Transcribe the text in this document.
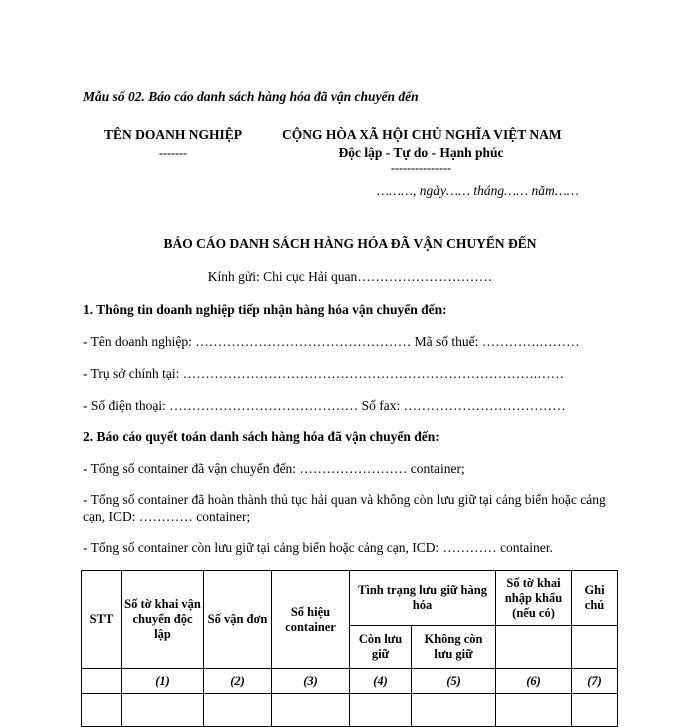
Mẫu số 02. Báo cáo danh sách hàng hóa đã vận chuyển đến
TÊN DOANH NGHIỆP
-------
CỘNG HÒA XÃ HỘI CHỦ NGHĨA VIỆT NAM
Độc lập - Tự do - Hạnh phúc
---------------
………, ngày…… tháng…… năm……
BÁO CÁO DANH SÁCH HÀNG HÓA ĐÃ VẬN CHUYỂN ĐẾN
Kính gửi: Chi cục Hải quan…………………………
1. Thông tin doanh nghiệp tiếp nhận hàng hóa vận chuyển đến:
- Tên doanh nghiệp: ………………………………………… Mã số thuế: ………….………
- Trụ sở chính tại: …………………………………………………………………….……
- Số điện thoại: …………………………………… Số fax: ………………………………
2. Báo cáo quyết toán danh sách hàng hóa đã vận chuyển đến:
- Tổng số container đã vận chuyển đến: …………………… container;
- Tổng số container đã hoàn thành thủ tục hải quan và không còn lưu giữ tại cảng biển hoặc cảng cạn, ICD: ………… container;
- Tổng số container còn lưu giữ tại cảng biển hoặc cảng cạn, ICD: ………… container.
STT	Số tờ khai vận chuyển độc lập	Số vận đơn	Số hiệu container	Tình trạng lưu giữ hàng hóa		Số tờ khai nhập khẩu (nếu có)	Ghi chú
				Còn lưu giữ	Không còn lưu giữ		
	(1)	(2)	(3)	(4)	(5)	(6)	(7)
